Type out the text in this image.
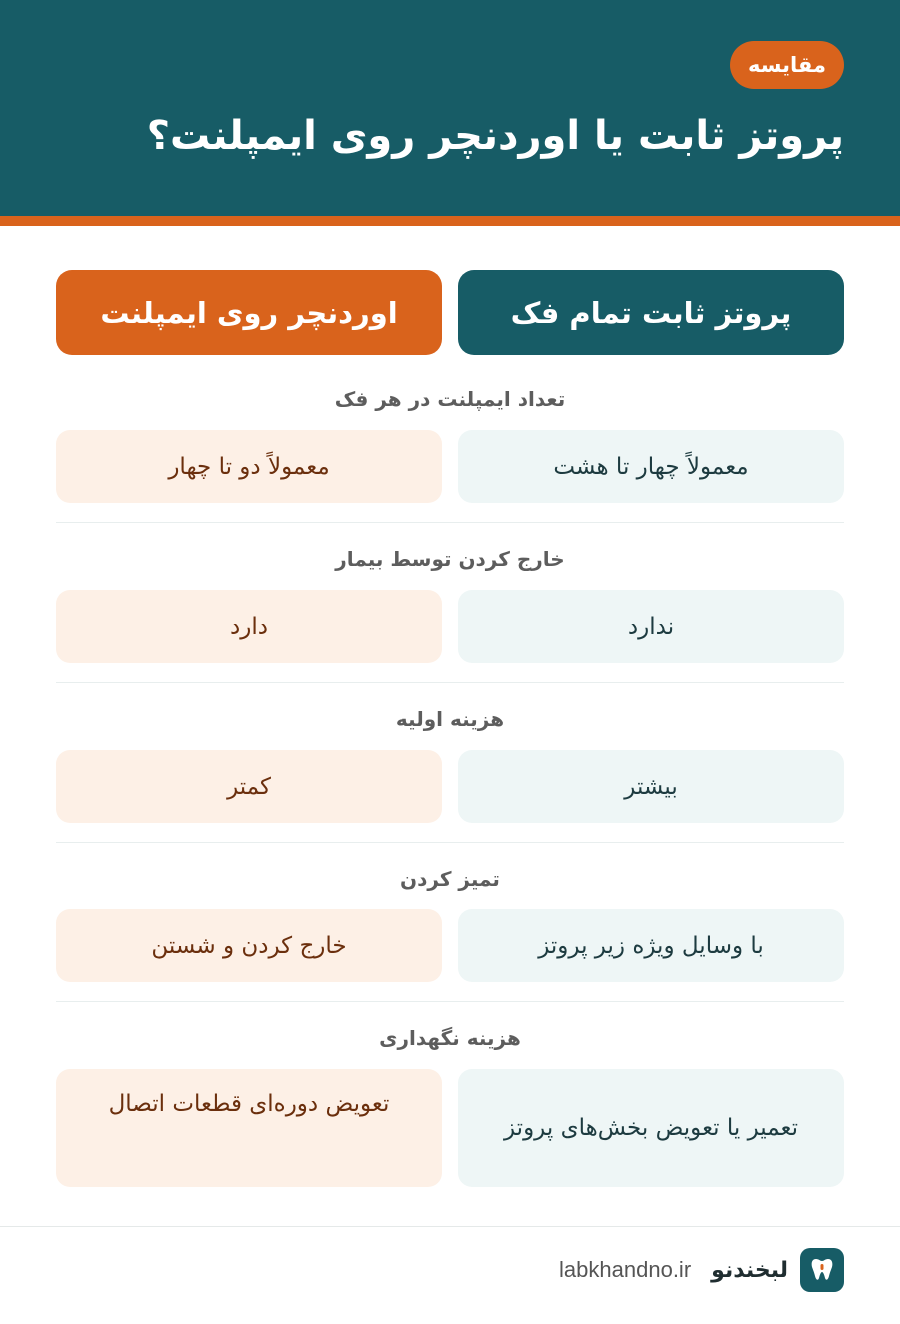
مقایسه
پروتز ثابت یا اوردنچر روی ایمپلنت؟
پروتز ثابت تمام فک
اوردنچر روی ایمپلنت
تعداد ایمپلنت در هر فک
معمولاً چهار تا هشت
معمولاً دو تا چهار
خارج کردن توسط بیمار
ندارد
دارد
هزینه اولیه
بیشتر
کمتر
تمیز کردن
با وسایل ویژه زیر پروتز
خارج کردن و شستن
هزینه نگهداری
تعمیر یا تعویض بخش‌های پروتز
تعویض دوره‌ای قطعات اتصال
لبخندنو
labkhandno.ir
